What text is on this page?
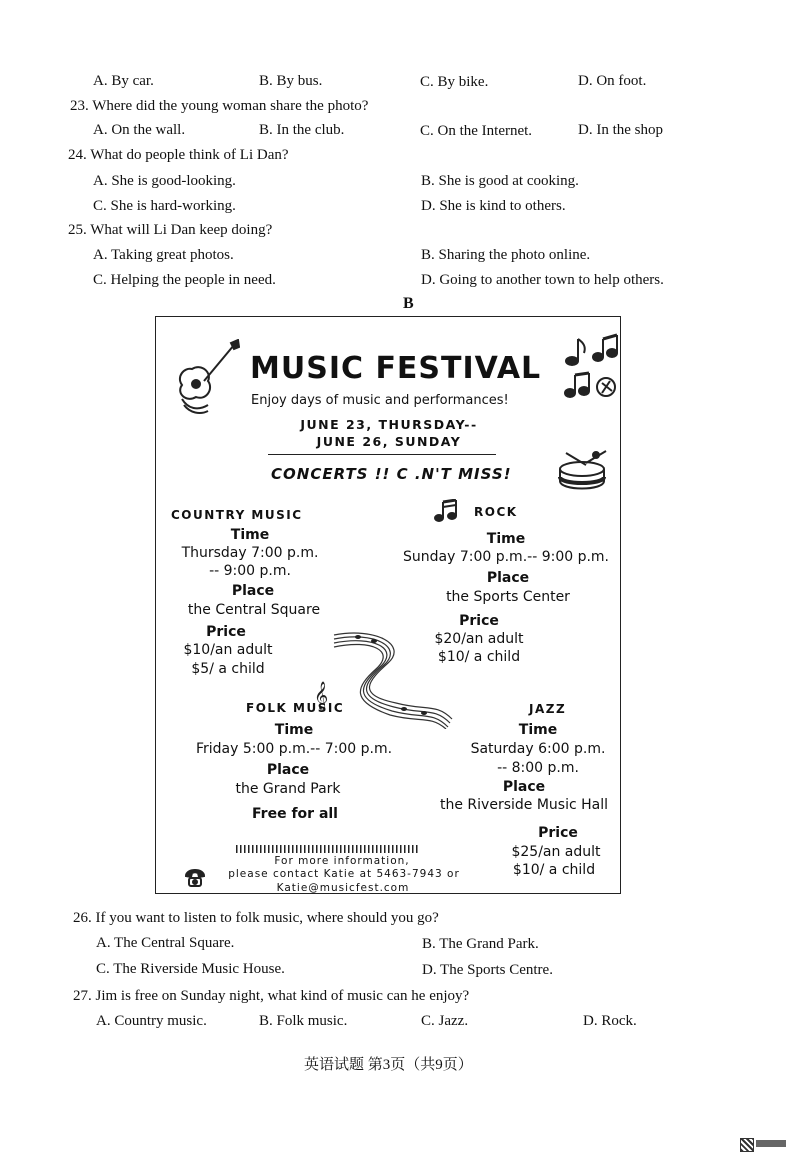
A. By car.	B. By bus.	C. By bike.	D. On foot.
23. Where did the young woman share the photo?
A. On the wall.	B. In the club.	C. On the Internet.	D. In the shop
24. What do people think of Li Dan?
A. She is good-looking.	B. She is good at cooking.
C. She is hard-working.	D. She is kind to others.
25. What will Li Dan keep doing?
A. Taking great photos.	B. Sharing the photo online.
C. Helping the people in need.	D. Going to another town to help others.
B
MUSIC FESTIVAL
Enjoy days of music and performances!
JUNE 23, THURSDAY--
JUNE 26, SUNDAY
CONCERTS !! C .N'T MISS!
COUNTRY MUSIC
Time
Thursday 7:00 p.m.
-- 9:00 p.m.
Place
the Central Square
Price
$10/an adult
$5/ a child
ROCK
Time
Sunday 7:00 p.m.-- 9:00 p.m.
Place
the Sports Center
Price
$20/an adult
$10/ a child
𝄞
FOLK MUSIC
Time
Friday 5:00 p.m.-- 7:00 p.m.
Place
the Grand Park
Free for all
JAZZ
Time
Saturday 6:00 p.m.
-- 8:00 p.m.
Place
the Riverside Music Hall
Price
$25/an adult
$10/ a child
For more information,
please contact Katie at 5463-7943 or
Katie@musicfest.com
26. If you want to listen to folk music, where should you go?
A. The Central Square.	B. The Grand Park.
C. The Riverside Music House.	D. The Sports Centre.
27. Jim is free on Sunday night, what kind of music can he enjoy?
A. Country music.	B. Folk music.	C. Jazz.	D. Rock.
英语试题 第3页（共9页）
